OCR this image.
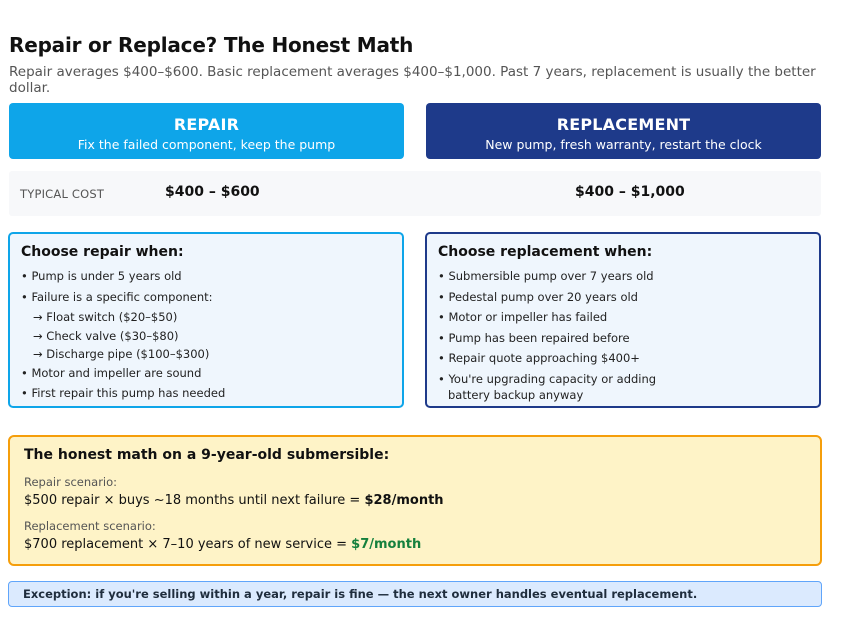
Repair or Replace? The Honest Math
Repair averages $400–$600. Basic replacement averages $400–$1,000. Past 7 years, replacement is usually the better dollar.
REPAIR
Fix the failed component, keep the pump
REPLACEMENT
New pump, fresh warranty, restart the clock
TYPICAL COST	$400 – $600	$400 – $1,000
Choose repair when:
• Pump is under 5 years old
• Failure is a specific component:
→ Float switch ($20–$50)
→ Check valve ($30–$80)
→ Discharge pipe ($100–$300)
• Motor and impeller are sound
• First repair this pump has needed
Choose replacement when:
• Submersible pump over 7 years old
• Pedestal pump over 20 years old
• Motor or impeller has failed
• Pump has been repaired before
• Repair quote approaching $400+
• You're upgrading capacity or adding
battery backup anyway
The honest math on a 9-year-old submersible:
Repair scenario:
$500 repair × buys ~18 months until next failure = $28/month
Replacement scenario:
$700 replacement × 7–10 years of new service = $7/month
Exception: if you're selling within a year, repair is fine — the next owner handles eventual replacement.
